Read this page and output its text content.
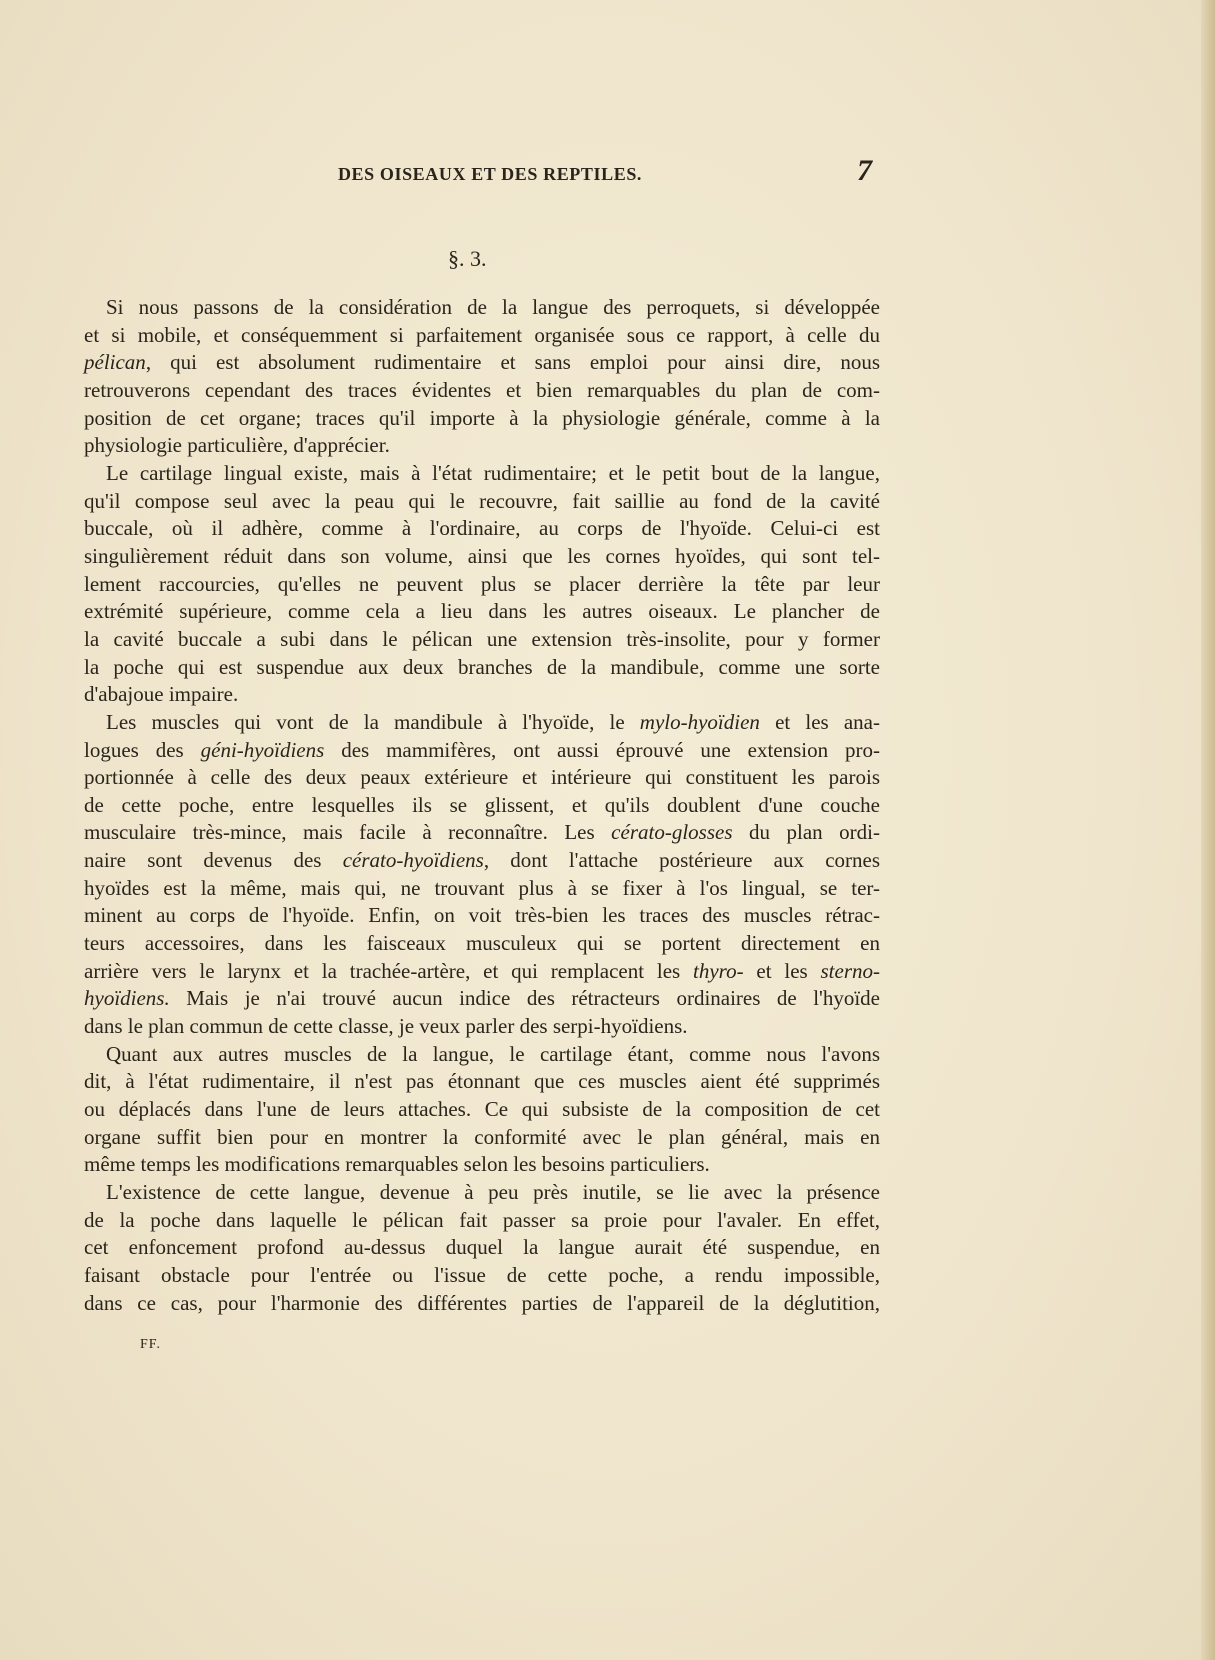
DES OISEAUX ET DES REPTILES.	7
§. 3.
Si nous passons de la considération de la langue des perroquets, si développée
et si mobile, et conséquemment si parfaitement organisée sous ce rapport, à celle du
pélican, qui est absolument rudimentaire et sans emploi pour ainsi dire, nous
retrouverons cependant des traces évidentes et bien remarquables du plan de com-
position de cet organe; traces qu'il importe à la physiologie générale, comme à la
physiologie particulière, d'apprécier.
Le cartilage lingual existe, mais à l'état rudimentaire; et le petit bout de la langue,
qu'il compose seul avec la peau qui le recouvre, fait saillie au fond de la cavité
buccale, où il adhère, comme à l'ordinaire, au corps de l'hyoïde. Celui-ci est
singulièrement réduit dans son volume, ainsi que les cornes hyoïdes, qui sont tel-
lement raccourcies, qu'elles ne peuvent plus se placer derrière la tête par leur
extrémité supérieure, comme cela a lieu dans les autres oiseaux. Le plancher de
la cavité buccale a subi dans le pélican une extension très-insolite, pour y former
la poche qui est suspendue aux deux branches de la mandibule, comme une sorte
d'abajoue impaire.
Les muscles qui vont de la mandibule à l'hyoïde, le mylo-hyoïdien et les ana-
logues des géni-hyoïdiens des mammifères, ont aussi éprouvé une extension pro-
portionnée à celle des deux peaux extérieure et intérieure qui constituent les parois
de cette poche, entre lesquelles ils se glissent, et qu'ils doublent d'une couche
musculaire très-mince, mais facile à reconnaître. Les cérato-glosses du plan ordi-
naire sont devenus des cérato-hyoïdiens, dont l'attache postérieure aux cornes
hyoïdes est la même, mais qui, ne trouvant plus à se fixer à l'os lingual, se ter-
minent au corps de l'hyoïde. Enfin, on voit très-bien les traces des muscles rétrac-
teurs accessoires, dans les faisceaux musculeux qui se portent directement en
arrière vers le larynx et la trachée-artère, et qui remplacent les thyro- et les sterno-
hyoïdiens. Mais je n'ai trouvé aucun indice des rétracteurs ordinaires de l'hyoïde
dans le plan commun de cette classe, je veux parler des serpi-hyoïdiens.
Quant aux autres muscles de la langue, le cartilage étant, comme nous l'avons
dit, à l'état rudimentaire, il n'est pas étonnant que ces muscles aient été supprimés
ou déplacés dans l'une de leurs attaches. Ce qui subsiste de la composition de cet
organe suffit bien pour en montrer la conformité avec le plan général, mais en
même temps les modifications remarquables selon les besoins particuliers.
L'existence de cette langue, devenue à peu près inutile, se lie avec la présence
de la poche dans laquelle le pélican fait passer sa proie pour l'avaler. En effet,
cet enfoncement profond au-dessus duquel la langue aurait été suspendue, en
faisant obstacle pour l'entrée ou l'issue de cette poche, a rendu impossible,
dans ce cas, pour l'harmonie des différentes parties de l'appareil de la déglutition,
FF.
